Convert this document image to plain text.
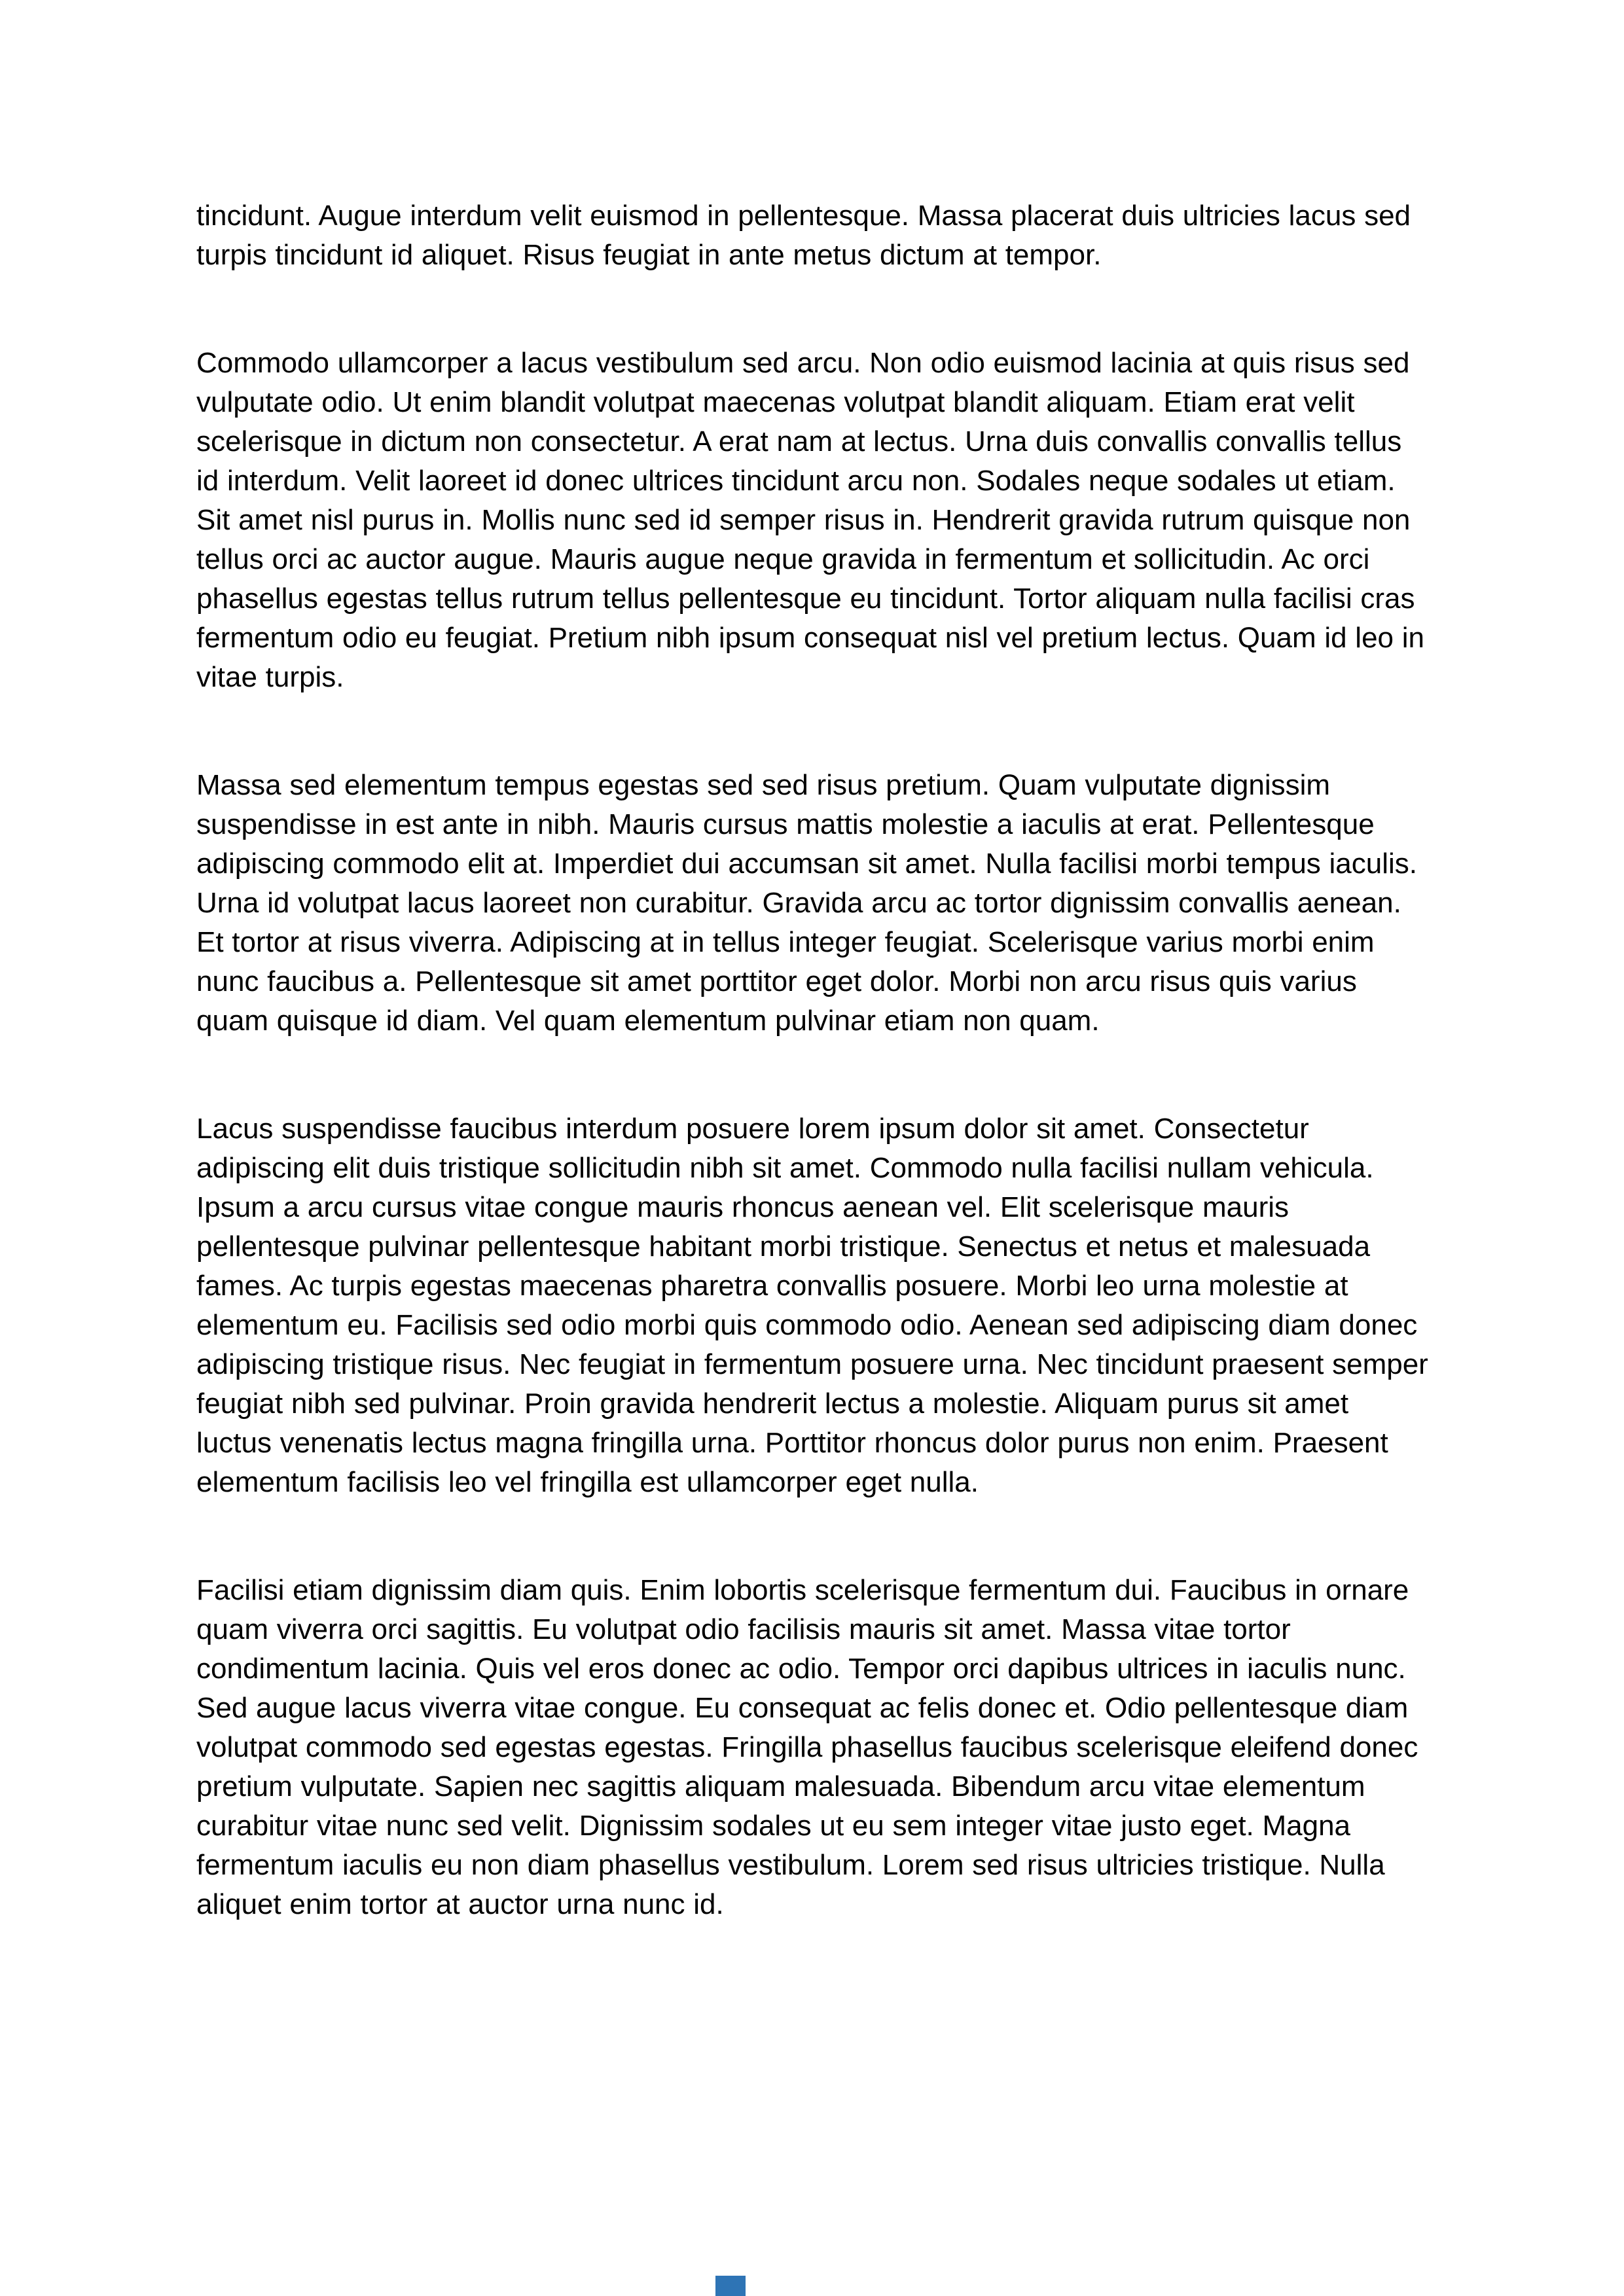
tincidunt. Augue interdum velit euismod in pellentesque. Massa placerat duis ultricies lacus sed turpis tincidunt id aliquet. Risus feugiat in ante metus dictum at tempor.

Commodo ullamcorper a lacus vestibulum sed arcu. Non odio euismod lacinia at quis risus sed vulputate odio. Ut enim blandit volutpat maecenas volutpat blandit aliquam. Etiam erat velit scelerisque in dictum non consectetur. A erat nam at lectus. Urna duis convallis convallis tellus id interdum. Velit laoreet id donec ultrices tincidunt arcu non. Sodales neque sodales ut etiam. Sit amet nisl purus in. Mollis nunc sed id semper risus in. Hendrerit gravida rutrum quisque non tellus orci ac auctor augue. Mauris augue neque gravida in fermentum et sollicitudin. Ac orci phasellus egestas tellus rutrum tellus pellentesque eu tincidunt. Tortor aliquam nulla facilisi cras fermentum odio eu feugiat. Pretium nibh ipsum consequat nisl vel pretium lectus. Quam id leo in vitae turpis.

Massa sed elementum tempus egestas sed sed risus pretium. Quam vulputate dignissim suspendisse in est ante in nibh. Mauris cursus mattis molestie a iaculis at erat. Pellentesque adipiscing commodo elit at. Imperdiet dui accumsan sit amet. Nulla facilisi morbi tempus iaculis. Urna id volutpat lacus laoreet non curabitur. Gravida arcu ac tortor dignissim convallis aenean. Et tortor at risus viverra. Adipiscing at in tellus integer feugiat. Scelerisque varius morbi enim nunc faucibus a. Pellentesque sit amet porttitor eget dolor. Morbi non arcu risus quis varius quam quisque id diam. Vel quam elementum pulvinar etiam non quam.

Lacus suspendisse faucibus interdum posuere lorem ipsum dolor sit amet. Consectetur adipiscing elit duis tristique sollicitudin nibh sit amet. Commodo nulla facilisi nullam vehicula. Ipsum a arcu cursus vitae congue mauris rhoncus aenean vel. Elit scelerisque mauris pellentesque pulvinar pellentesque habitant morbi tristique. Senectus et netus et malesuada fames. Ac turpis egestas maecenas pharetra convallis posuere. Morbi leo urna molestie at elementum eu. Facilisis sed odio morbi quis commodo odio. Aenean sed adipiscing diam donec adipiscing tristique risus. Nec feugiat in fermentum posuere urna. Nec tincidunt praesent semper feugiat nibh sed pulvinar. Proin gravida hendrerit lectus a molestie. Aliquam purus sit amet luctus venenatis lectus magna fringilla urna. Porttitor rhoncus dolor purus non enim. Praesent elementum facilisis leo vel fringilla est ullamcorper eget nulla.

Facilisi etiam dignissim diam quis. Enim lobortis scelerisque fermentum dui. Faucibus in ornare quam viverra orci sagittis. Eu volutpat odio facilisis mauris sit amet. Massa vitae tortor condimentum lacinia. Quis vel eros donec ac odio. Tempor orci dapibus ultrices in iaculis nunc. Sed augue lacus viverra vitae congue. Eu consequat ac felis donec et. Odio pellentesque diam volutpat commodo sed egestas egestas. Fringilla phasellus faucibus scelerisque eleifend donec pretium vulputate. Sapien nec sagittis aliquam malesuada. Bibendum arcu vitae elementum curabitur vitae nunc sed velit. Dignissim sodales ut eu sem integer vitae justo eget. Magna fermentum iaculis eu non diam phasellus vestibulum. Lorem sed risus ultricies tristique. Nulla aliquet enim tortor at auctor urna nunc id.
